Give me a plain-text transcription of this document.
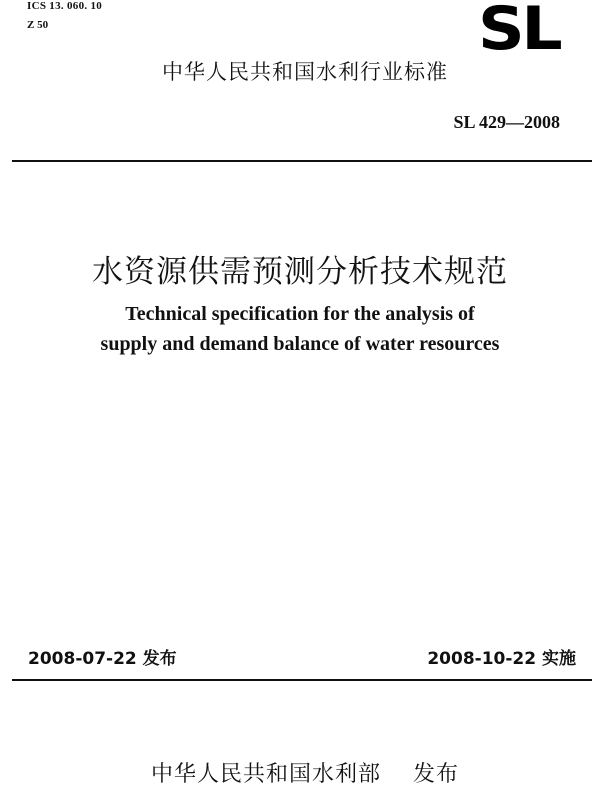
ICS 13. 060. 10
Z 50	SL
中华人民共和国水利行业标准
SL 429—2008
水资源供需预测分析技术规范
Technical specification for the analysis of
supply and demand balance of water resources
2008-07-22 发布	2008-10-22 实施
中华人民共和国水利部    发布
